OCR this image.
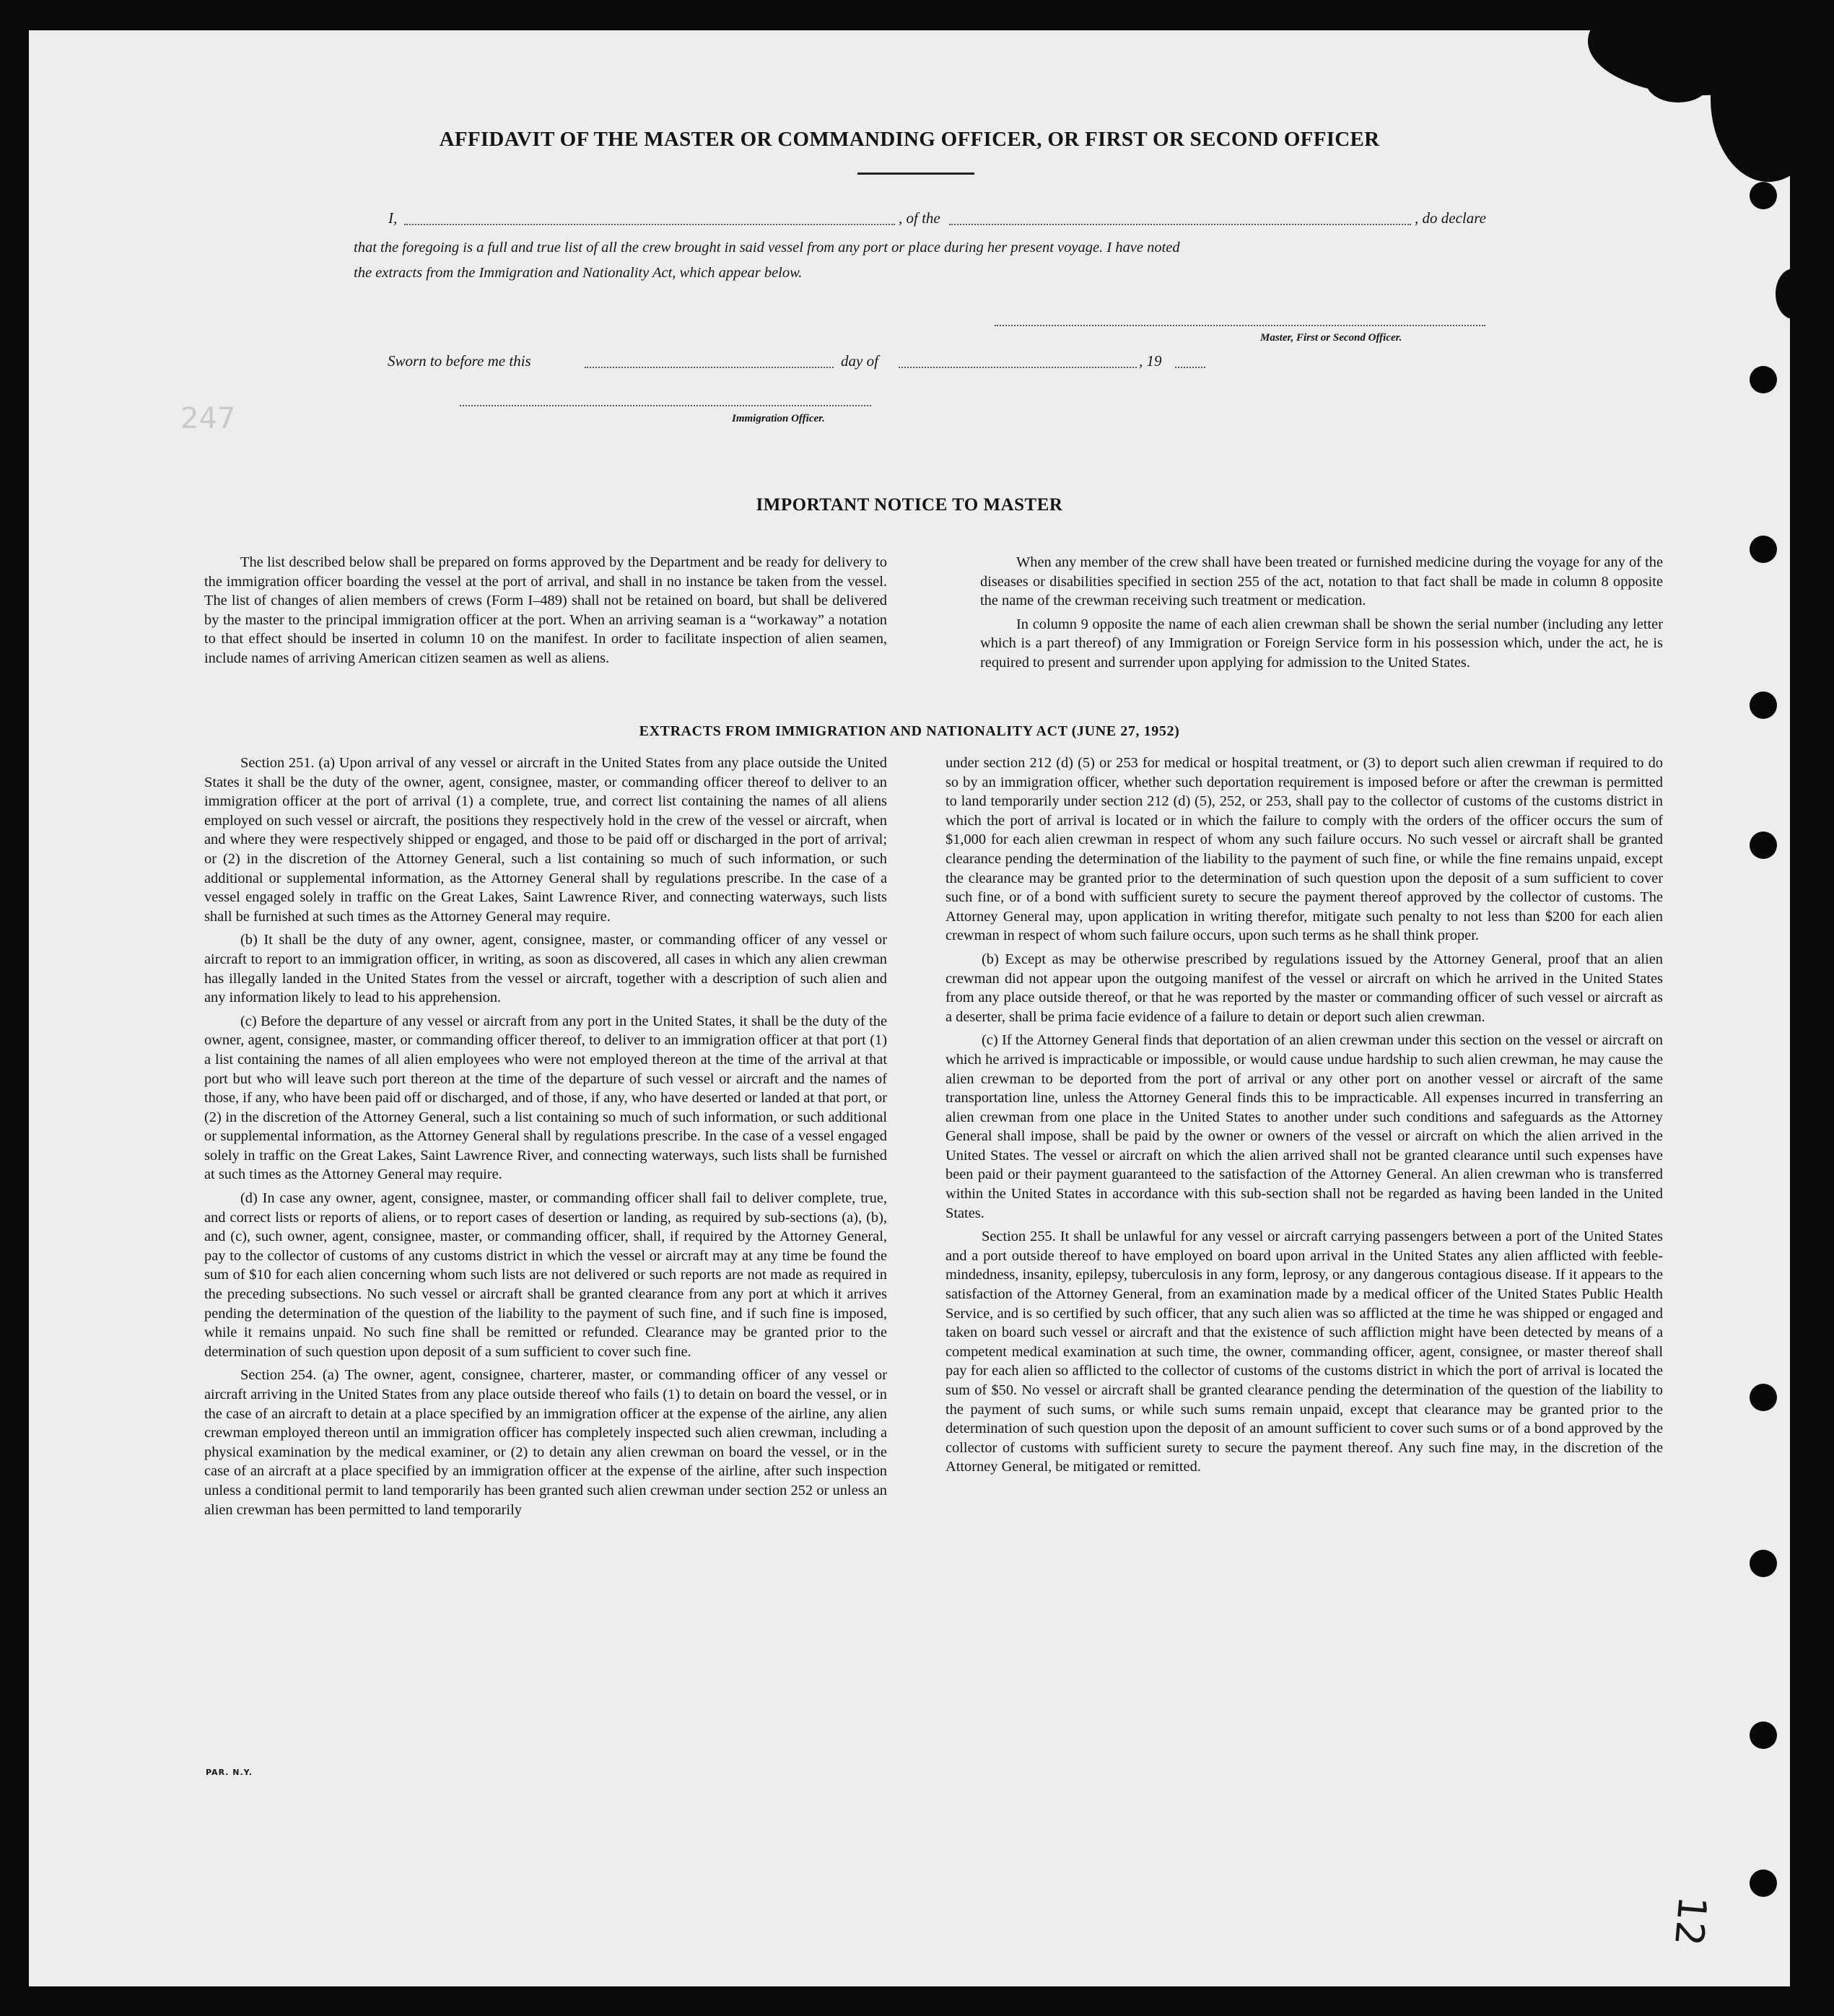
247
AFFIDAVIT OF THE MASTER OR COMMANDING OFFICER, OR FIRST OR SECOND OFFICER
I,	, of the	, do declare
that the foregoing is a full and true list of all the crew brought in said vessel from any port or place during her present voyage. I have noted
the extracts from the Immigration and Nationality Act, which appear below.
Master, First or Second Officer.
Sworn to before me this	day of	, 19
Immigration Officer.
IMPORTANT NOTICE TO MASTER

The list described below shall be prepared on forms approved by the Department and be ready for delivery to the immigration officer boarding the vessel at the port of arrival, and shall in no instance be taken from the vessel. The list of changes of alien members of crews (Form I–489) shall not be retained on board, but shall be delivered by the master to the principal immigration officer at the port. When an arriving seaman is a “workaway” a notation to that effect should be inserted in column 10 on the manifest. In order to facilitate inspection of alien seamen, include names of arriving American citizen seamen as well as aliens.

When any member of the crew shall have been treated or furnished medicine during the voyage for any of the diseases or disabilities specified in section 255 of the act, notation to that fact shall be made in column 8 opposite the name of the crewman receiving such treatment or medication.

In column 9 opposite the name of each alien crewman shall be shown the serial number (including any letter which is a part thereof) of any Immigration or Foreign Service form in his possession which, under the act, he is required to present and surrender upon applying for admission to the United States.

EXTRACTS FROM IMMIGRATION AND NATIONALITY ACT (JUNE 27, 1952)

Section 251. (a) Upon arrival of any vessel or aircraft in the United States from any place outside the United States it shall be the duty of the owner, agent, consignee, master, or commanding officer thereof to deliver to an immigration officer at the port of arrival (1) a complete, true, and correct list containing the names of all aliens employed on such vessel or aircraft, the positions they respectively hold in the crew of the vessel or aircraft, when and where they were respectively shipped or engaged, and those to be paid off or discharged in the port of arrival; or (2) in the discretion of the Attorney General, such a list containing so much of such information, or such additional or supplemental information, as the Attorney General shall by regulations prescribe. In the case of a vessel engaged solely in traffic on the Great Lakes, Saint Lawrence River, and connecting waterways, such lists shall be furnished at such times as the Attorney General may require.

(b) It shall be the duty of any owner, agent, consignee, master, or commanding officer of any vessel or aircraft to report to an immigration officer, in writing, as soon as discovered, all cases in which any alien crewman has illegally landed in the United States from the vessel or aircraft, together with a description of such alien and any information likely to lead to his apprehension.

(c) Before the departure of any vessel or aircraft from any port in the United States, it shall be the duty of the owner, agent, consignee, master, or commanding officer thereof, to deliver to an immigration officer at that port (1) a list containing the names of all alien employees who were not employed thereon at the time of the arrival at that port but who will leave such port thereon at the time of the departure of such vessel or aircraft and the names of those, if any, who have been paid off or discharged, and of those, if any, who have deserted or landed at that port, or (2) in the discretion of the Attorney General, such a list containing so much of such information, or such additional or supplemental information, as the Attorney General shall by regulations prescribe. In the case of a vessel engaged solely in traffic on the Great Lakes, Saint Lawrence River, and connecting waterways, such lists shall be furnished at such times as the Attorney General may require.

(d) In case any owner, agent, consignee, master, or commanding officer shall fail to deliver complete, true, and correct lists or reports of aliens, or to report cases of desertion or landing, as required by sub-sections (a), (b), and (c), such owner, agent, consignee, master, or commanding officer, shall, if required by the Attorney General, pay to the collector of customs of any customs district in which the vessel or aircraft may at any time be found the sum of $10 for each alien concerning whom such lists are not delivered or such reports are not made as required in the preceding subsections. No such vessel or aircraft shall be granted clearance from any port at which it arrives pending the determination of the question of the liability to the payment of such fine, and if such fine is imposed, while it remains unpaid. No such fine shall be remitted or refunded. Clearance may be granted prior to the determination of such question upon deposit of a sum sufficient to cover such fine.

Section 254. (a) The owner, agent, consignee, charterer, master, or commanding officer of any vessel or aircraft arriving in the United States from any place outside thereof who fails (1) to detain on board the vessel, or in the case of an aircraft to detain at a place specified by an immigration officer at the expense of the airline, any alien crewman employed thereon until an immigration officer has completely inspected such alien crewman, including a physical examination by the medical examiner, or (2) to detain any alien crewman on board the vessel, or in the case of an aircraft at a place specified by an immigration officer at the expense of the airline, after such inspection unless a conditional permit to land temporarily has been granted such alien crewman under section 252 or unless an alien crewman has been permitted to land temporarily

under section 212 (d) (5) or 253 for medical or hospital treatment, or (3) to deport such alien crewman if required to do so by an immigration officer, whether such deportation requirement is imposed before or after the crewman is permitted to land temporarily under section 212 (d) (5), 252, or 253, shall pay to the collector of customs of the customs district in which the port of arrival is located or in which the failure to comply with the orders of the officer occurs the sum of $1,000 for each alien crewman in respect of whom any such failure occurs. No such vessel or aircraft shall be granted clearance pending the determination of the liability to the payment of such fine, or while the fine remains unpaid, except the clearance may be granted prior to the determination of such question upon the deposit of a sum sufficient to cover such fine, or of a bond with sufficient surety to secure the payment thereof approved by the collector of customs. The Attorney General may, upon application in writing therefor, mitigate such penalty to not less than $200 for each alien crewman in respect of whom such failure occurs, upon such terms as he shall think proper.

(b) Except as may be otherwise prescribed by regulations issued by the Attorney General, proof that an alien crewman did not appear upon the outgoing manifest of the vessel or aircraft on which he arrived in the United States from any place outside thereof, or that he was reported by the master or commanding officer of such vessel or aircraft as a deserter, shall be prima facie evidence of a failure to detain or deport such alien crewman.

(c) If the Attorney General finds that deportation of an alien crewman under this section on the vessel or aircraft on which he arrived is impracticable or impossible, or would cause undue hardship to such alien crewman, he may cause the alien crewman to be deported from the port of arrival or any other port on another vessel or aircraft of the same transportation line, unless the Attorney General finds this to be impracticable. All expenses incurred in transferring an alien crewman from one place in the United States to another under such conditions and safeguards as the Attorney General shall impose, shall be paid by the owner or owners of the vessel or aircraft on which the alien arrived in the United States. The vessel or aircraft on which the alien arrived shall not be granted clearance until such expenses have been paid or their payment guaranteed to the satisfaction of the Attorney General. An alien crewman who is transferred within the United States in accordance with this sub-section shall not be regarded as having been landed in the United States.

Section 255. It shall be unlawful for any vessel or aircraft carrying passengers between a port of the United States and a port outside thereof to have employed on board upon arrival in the United States any alien afflicted with feeble-mindedness, insanity, epilepsy, tuberculosis in any form, leprosy, or any dangerous contagious disease. If it appears to the satisfaction of the Attorney General, from an examination made by a medical officer of the United States Public Health Service, and is so certified by such officer, that any such alien was so afflicted at the time he was shipped or engaged and taken on board such vessel or aircraft and that the existence of such affliction might have been detected by means of a competent medical examination at such time, the owner, commanding officer, agent, consignee, or master thereof shall pay for each alien so afflicted to the collector of customs of the customs district in which the port of arrival is located the sum of $50. No vessel or aircraft shall be granted clearance pending the determination of the question of the liability to the payment of such sums, or while such sums remain unpaid, except that clearance may be granted prior to the determination of such question upon the deposit of an amount sufficient to cover such sums or of a bond approved by the collector of customs with sufficient surety to secure the payment thereof. Any such fine may, in the discretion of the Attorney General, be mitigated or remitted.

PAR. N.Y.
12
